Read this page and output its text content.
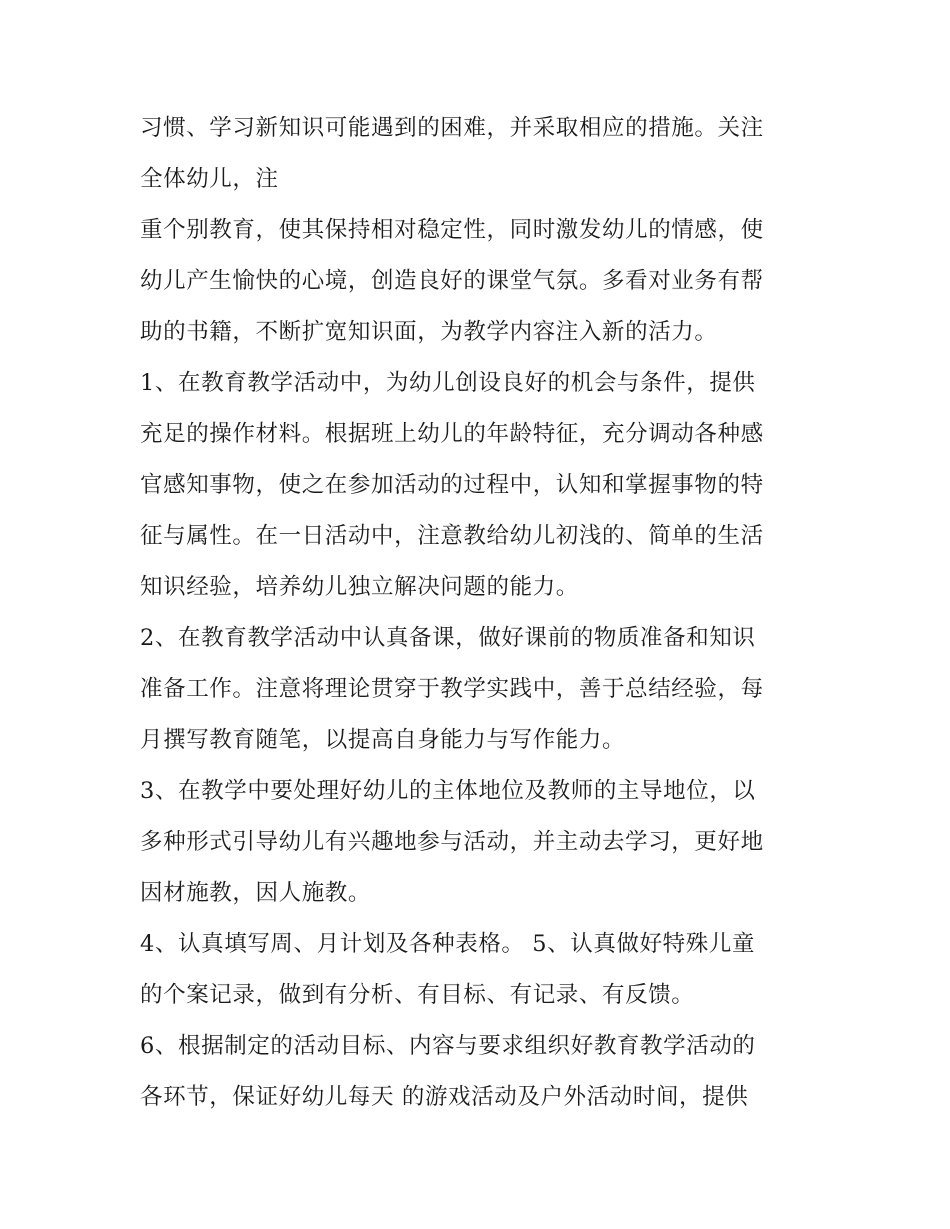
习惯、学习新知识可能遇到的困难，并采取相应的措施。关注
全体幼儿，注
重个别教育，使其保持相对稳定性，同时激发幼儿的情感，使
幼儿产生愉快的心境，创造良好的课堂气氛。多看对业务有帮
助的书籍，不断扩宽知识面，为教学内容注入新的活力。
1、在教育教学活动中，为幼儿创设良好的机会与条件，提供
充足的操作材料。根据班上幼儿的年龄特征，充分调动各种感
官感知事物，使之在参加活动的过程中，认知和掌握事物的特
征与属性。在一日活动中，注意教给幼儿初浅的、简单的生活
知识经验，培养幼儿独立解决问题的能力。
2、在教育教学活动中认真备课，做好课前的物质准备和知识
准备工作。注意将理论贯穿于教学实践中，善于总结经验，每
月撰写教育随笔，以提高自身能力与写作能力。
3、在教学中要处理好幼儿的主体地位及教师的主导地位，以
多种形式引导幼儿有兴趣地参与活动，并主动去学习，更好地
因材施教，因人施教。
4、认真填写周、月计划及各种表格。 5、认真做好特殊儿童
的个案记录，做到有分析、有目标、有记录、有反馈。
6、根据制定的活动目标、内容与要求组织好教育教学活动的
各环节，保证好幼儿每天 的游戏活动及户外活动时间，提供
